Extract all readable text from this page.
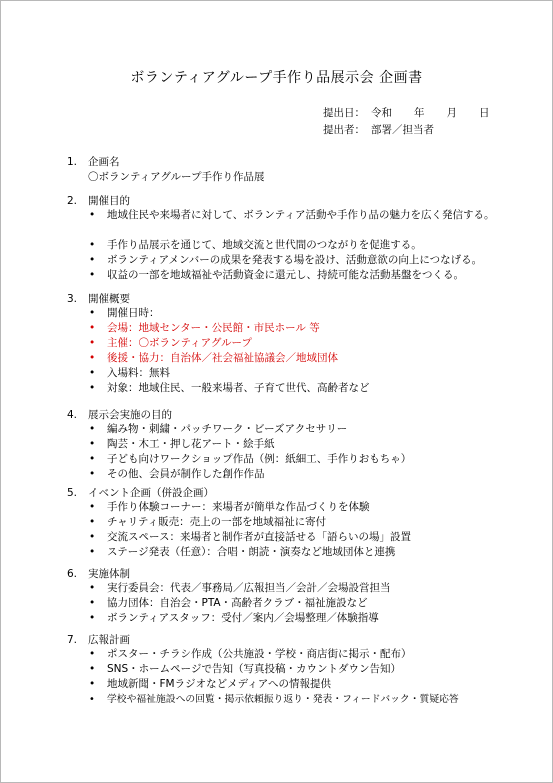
ボランティアグループ手作り品展示会 企画書
提出日： 令和 年 月 日
提出者： 部署／担当者
1. 企画名
〇ボランティアグループ手作り作品展
2. 開催目的
•	地域住民や来場者に対して、ボランティア活動や手作り品の魅力を広く発信する。
•	手作り品展示を通じて、地域交流と世代間のつながりを促進する。
•	ボランティアメンバーの成果を発表する場を設け、活動意欲の向上につなげる。
•	収益の一部を地域福祉や活動資金に還元し、持続可能な活動基盤をつくる。
3. 開催概要
•	開催日時：
•	会場：地域センター・公民館・市民ホール 等
•	主催：〇ボランティアグループ
•	後援・協力：自治体／社会福祉協議会／地域団体
•	入場料：無料
•	対象：地域住民、一般来場者、子育て世代、高齢者など
4. 展示会実施の目的
•	編み物・刺繍・パッチワーク・ビーズアクセサリー
•	陶芸・木工・押し花アート・絵手紙
•	子ども向けワークショップ作品（例：紙細工、手作りおもちゃ）
•	その他、会員が制作した創作作品
5. イベント企画（併設企画）
•	手作り体験コーナー：来場者が簡単な作品づくりを体験
•	チャリティ販売：売上の一部を地域福祉に寄付
•	交流スペース：来場者と制作者が直接話せる「語らいの場」設置
•	ステージ発表（任意）：合唱・朗読・演奏など地域団体と連携
6. 実施体制
•	実行委員会：代表／事務局／広報担当／会計／会場設営担当
•	協力団体：自治会・PTA・高齢者クラブ・福祉施設など
•	ボランティアスタッフ：受付／案内／会場整理／体験指導
7. 広報計画
•	ポスター・チラシ作成（公共施設・学校・商店街に掲示・配布）
•	SNS・ホームページで告知（写真投稿・カウントダウン告知）
•	地域新聞・FMラジオなどメディアへの情報提供
•	学校や福祉施設への回覧・掲示依頼振り返り・発表・フィードバック・質疑応答
